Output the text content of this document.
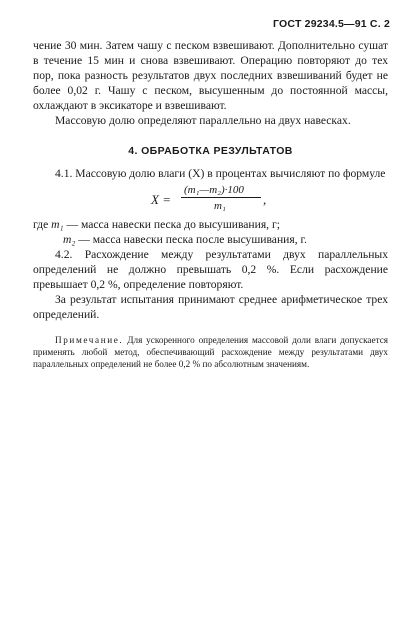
ГОСТ 29234.5—91 С. 2

чение 30 мин. Затем чашу с песком взвешивают. Дополнительно сушат в течение 15 мин и снова взвешивают. Операцию повторяют до тех пор, пока разность результатов двух последних взвешиваний будет не более 0,02 г. Чашу с песком, высушенным до постоянной массы, охлаждают в эксикаторе и взвешивают.

Массовую долю определяют параллельно на двух навесках.

4. ОБРАБОТКА РЕЗУЛЬТАТОВ

4.1. Массовую долю влаги (X) в процентах вычисляют по формуле

X =
(m₁—m₂)·100
m₁	,
где m₁ — масса навески песка до высушивания, г;
m₂ — масса навески песка после высушивания, г.

4.2. Расхождение между результатами двух параллельных определений не должно превышать 0,2 %. Если расхождение превышает 0,2 %, определение повторяют.

За результат испытания принимают среднее арифметическое трех определений.

Примечание. Для ускоренного определения массовой доли влаги допускается применять любой метод, обеспечивающий расхождение между результатами двух параллельных определений не более 0,2 % по абсолютным значениям.
